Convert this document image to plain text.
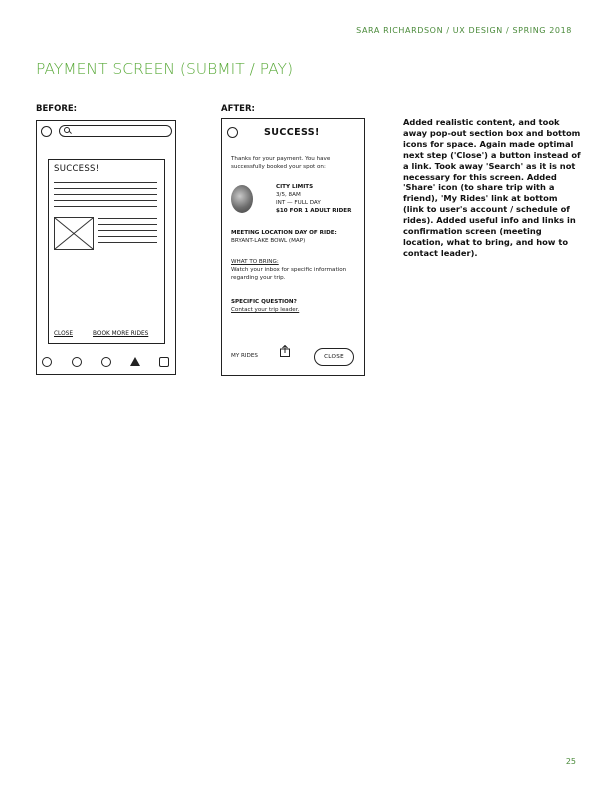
SARA RICHARDSON / UX DESIGN / SPRING 2018
PAYMENT SCREEN (SUBMIT / PAY)
BEFORE:	AFTER:
SUCCESS!
CLOSE	BOOK MORE RIDES
SUCCESS!
Thanks for your payment. You have successfully booked your spot on:
CITY LIMITS
3/5, 8AM
INT — FULL DAY
$10 FOR 1 ADULT RIDER
MEETING LOCATION DAY OF RIDE:
BRYANT-LAKE BOWL (MAP)
WHAT TO BRING:
Watch your inbox for specific information regarding your trip.
SPECIFIC QUESTION?
Contact your trip leader.
MY RIDES	CLOSE
Added realistic content, and took away pop-out section box and bottom icons for space. Again made optimal next step ('Close') a button instead of a link. Took away 'Search' as it is not necessary for this screen. Added 'Share' icon (to share trip with a friend), 'My Rides' link at bottom (link to user's account / schedule of rides). Added useful info and links in confirmation screen (meeting location, what to bring, and how to contact leader).
25
